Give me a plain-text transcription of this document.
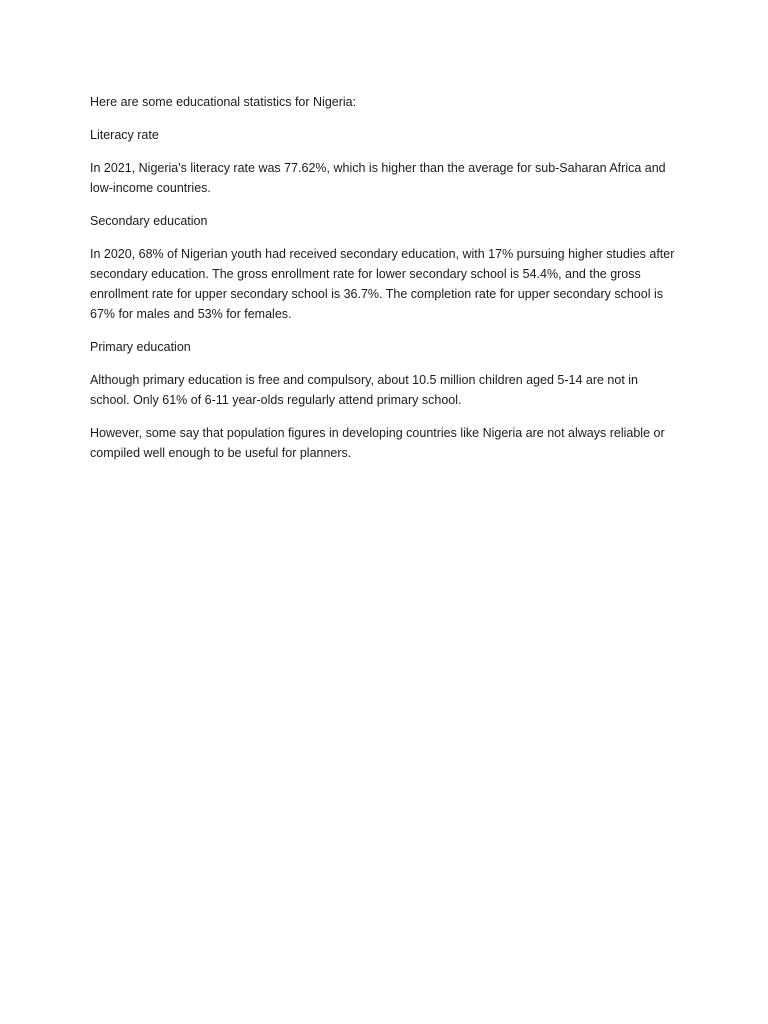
Here are some educational statistics for Nigeria:

Literacy rate

In 2021, Nigeria's literacy rate was 77.62%, which is higher than the average for sub-Saharan Africa and low-income countries.

Secondary education

In 2020, 68% of Nigerian youth had received secondary education, with 17% pursuing higher studies after secondary education. The gross enrollment rate for lower secondary school is 54.4%, and the gross enrollment rate for upper secondary school is 36.7%. The completion rate for upper secondary school is 67% for males and 53% for females.

Primary education

Although primary education is free and compulsory, about 10.5 million children aged 5-14 are not in school. Only 61% of 6-11 year-olds regularly attend primary school.

However, some say that population figures in developing countries like Nigeria are not always reliable or compiled well enough to be useful for planners.
